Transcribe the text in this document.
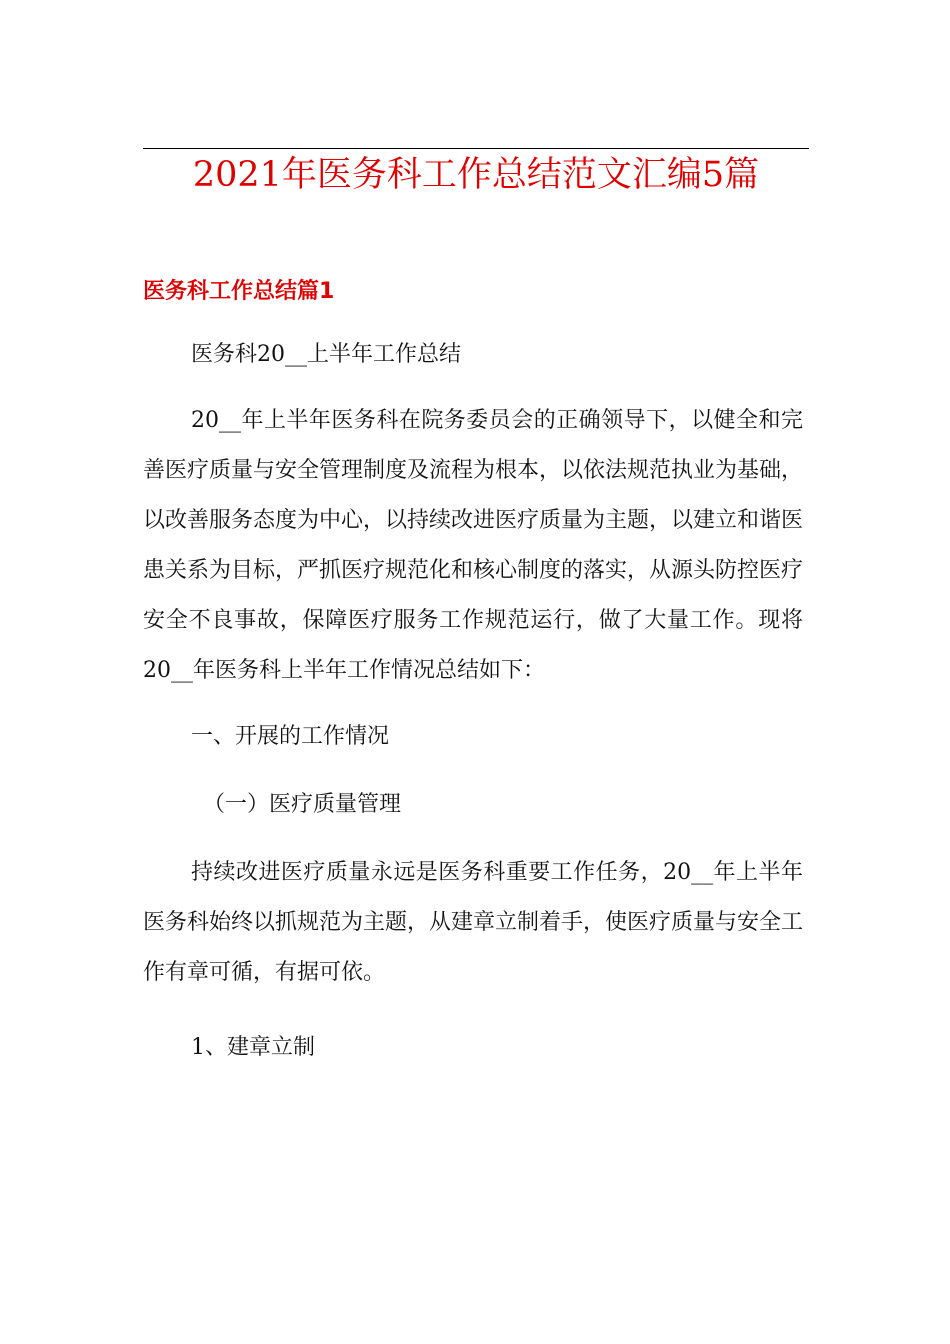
2021年医务科工作总结范文汇编5篇
医务科工作总结篇1

医务科20__上半年工作总结

20__年上半年医务科在院务委员会的正确领导下，以健全和完善医疗质量与安全管理制度及流程为根本，以依法规范执业为基础，以改善服务态度为中心，以持续改进医疗质量为主题，以建立和谐医患关系为目标，严抓医疗规范化和核心制度的落实，从源头防控医疗安全不良事故，保障医疗服务工作规范运行，做了大量工作。现将20__年医务科上半年工作情况总结如下：

一、开展的工作情况

（一）医疗质量管理

持续改进医疗质量永远是医务科重要工作任务，20__年上半年医务科始终以抓规范为主题，从建章立制着手，使医疗质量与安全工作有章可循，有据可依。

1、建章立制
